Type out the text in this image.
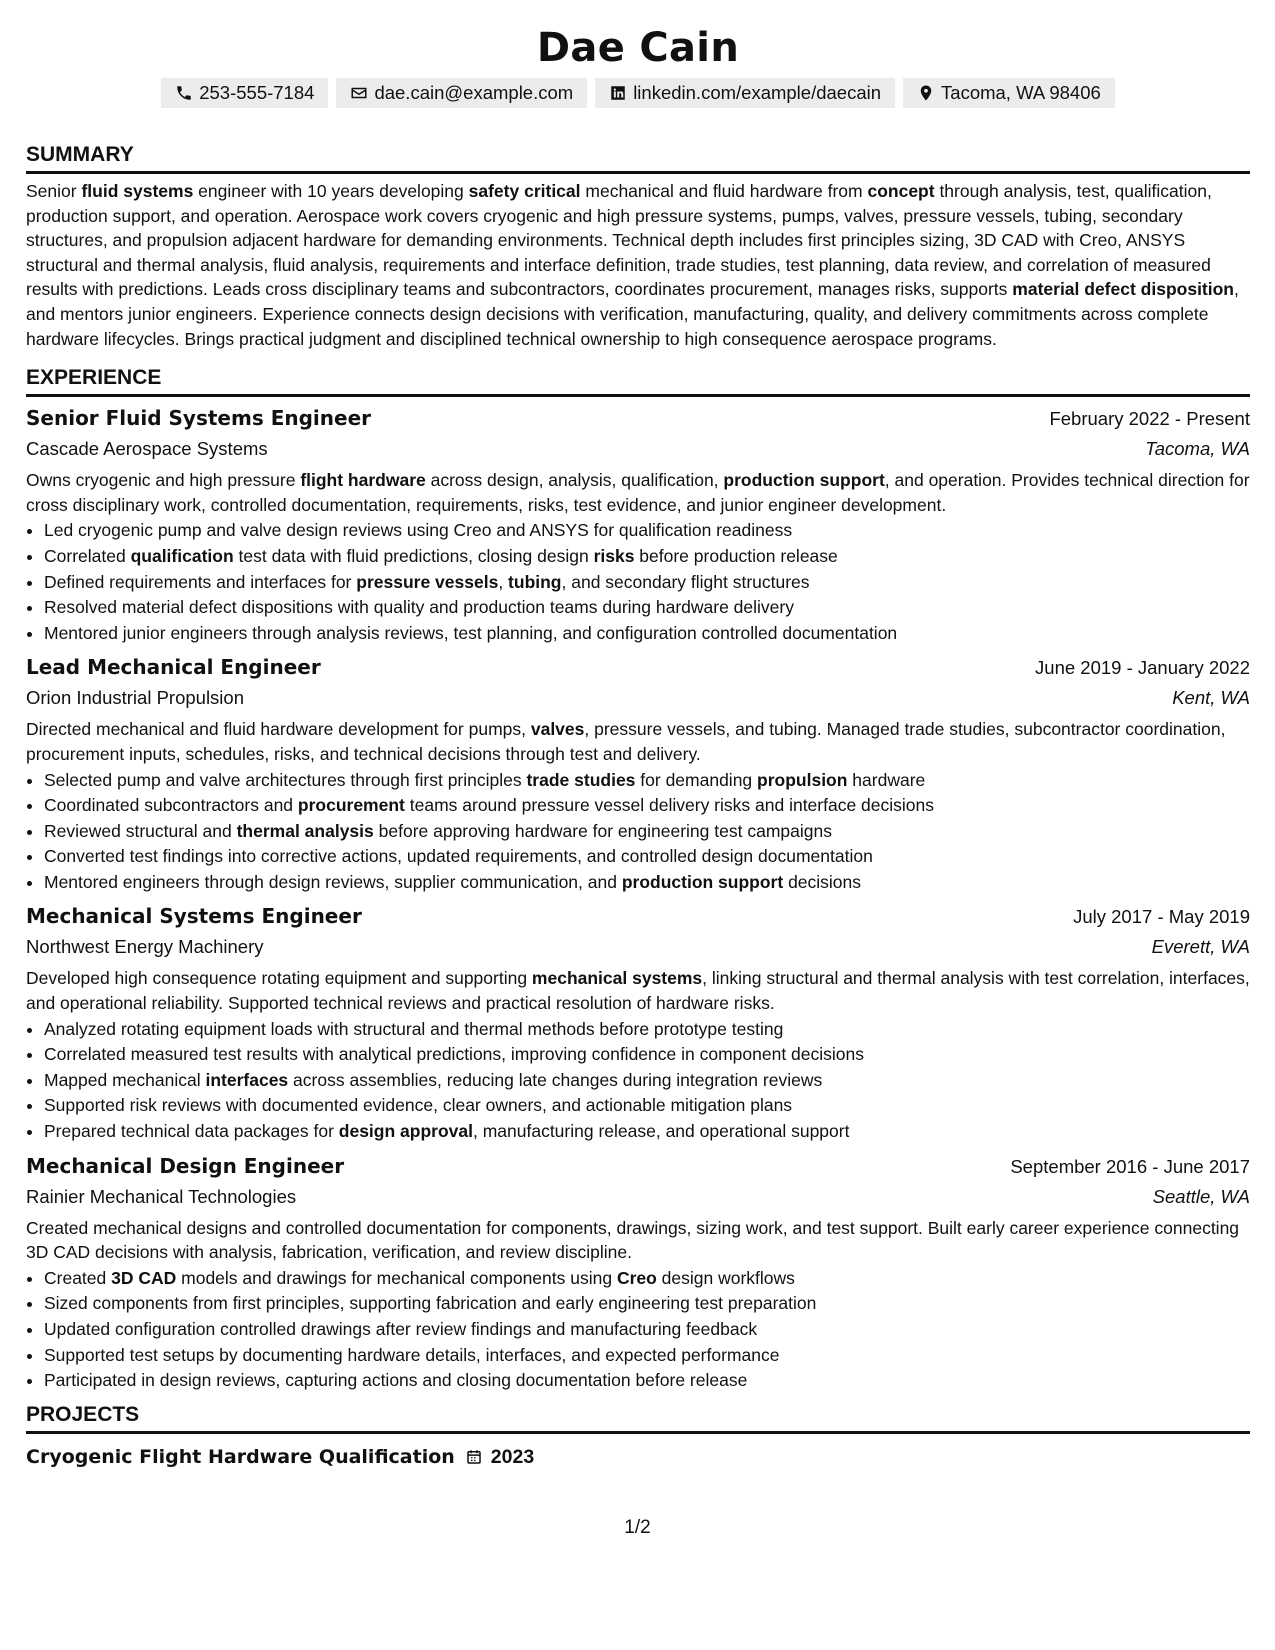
Dae Cain
253-555-7184	dae.cain@example.com	linkedin.com/example/daecain	Tacoma, WA 98406
SUMMARY

Senior fluid systems engineer with 10 years developing safety critical mechanical and fluid hardware from concept through analysis, test, qualification, production support, and operation. Aerospace work covers cryogenic and high pressure systems, pumps, valves, pressure vessels, tubing, secondary structures, and propulsion adjacent hardware for demanding environments. Technical depth includes first principles sizing, 3D CAD with Creo, ANSYS structural and thermal analysis, fluid analysis, requirements and interface definition, trade studies, test planning, data review, and correlation of measured results with predictions. Leads cross disciplinary teams and subcontractors, coordinates procurement, manages risks, supports material defect disposition, and mentors junior engineers. Experience connects design decisions with verification, manufacturing, quality, and delivery commitments across complete hardware lifecycles. Brings practical judgment and disciplined technical ownership to high consequence aerospace programs.

EXPERIENCE
Senior Fluid Systems Engineer	February 2022 - Present
Cascade Aerospace Systems	Tacoma, WA

Owns cryogenic and high pressure flight hardware across design, analysis, qualification, production support, and operation. Provides technical direction for cross disciplinary work, controlled documentation, requirements, risks, test evidence, and junior engineer development.

• Led cryogenic pump and valve design reviews using Creo and ANSYS for qualification readiness
• Correlated qualification test data with fluid predictions, closing design risks before production release
• Defined requirements and interfaces for pressure vessels, tubing, and secondary flight structures
• Resolved material defect dispositions with quality and production teams during hardware delivery
• Mentored junior engineers through analysis reviews, test planning, and configuration controlled documentation
Lead Mechanical Engineer	June 2019 - January 2022
Orion Industrial Propulsion	Kent, WA

Directed mechanical and fluid hardware development for pumps, valves, pressure vessels, and tubing. Managed trade studies, subcontractor coordination, procurement inputs, schedules, risks, and technical decisions through test and delivery.

• Selected pump and valve architectures through first principles trade studies for demanding propulsion hardware
• Coordinated subcontractors and procurement teams around pressure vessel delivery risks and interface decisions
• Reviewed structural and thermal analysis before approving hardware for engineering test campaigns
• Converted test findings into corrective actions, updated requirements, and controlled design documentation
• Mentored engineers through design reviews, supplier communication, and production support decisions
Mechanical Systems Engineer	July 2017 - May 2019
Northwest Energy Machinery	Everett, WA

Developed high consequence rotating equipment and supporting mechanical systems, linking structural and thermal analysis with test correlation, interfaces, and operational reliability. Supported technical reviews and practical resolution of hardware risks.

• Analyzed rotating equipment loads with structural and thermal methods before prototype testing
• Correlated measured test results with analytical predictions, improving confidence in component decisions
• Mapped mechanical interfaces across assemblies, reducing late changes during integration reviews
• Supported risk reviews with documented evidence, clear owners, and actionable mitigation plans
• Prepared technical data packages for design approval, manufacturing release, and operational support
Mechanical Design Engineer	September 2016 - June 2017
Rainier Mechanical Technologies	Seattle, WA

Created mechanical designs and controlled documentation for components, drawings, sizing work, and test support. Built early career experience connecting 3D CAD decisions with analysis, fabrication, verification, and review discipline.

• Created 3D CAD models and drawings for mechanical components using Creo design workflows
• Sized components from first principles, supporting fabrication and early engineering test preparation
• Updated configuration controlled drawings after review findings and manufacturing feedback
• Supported test setups by documenting hardware details, interfaces, and expected performance
• Participated in design reviews, capturing actions and closing documentation before release
PROJECTS
Cryogenic Flight Hardware Qualification 2023
1/2
